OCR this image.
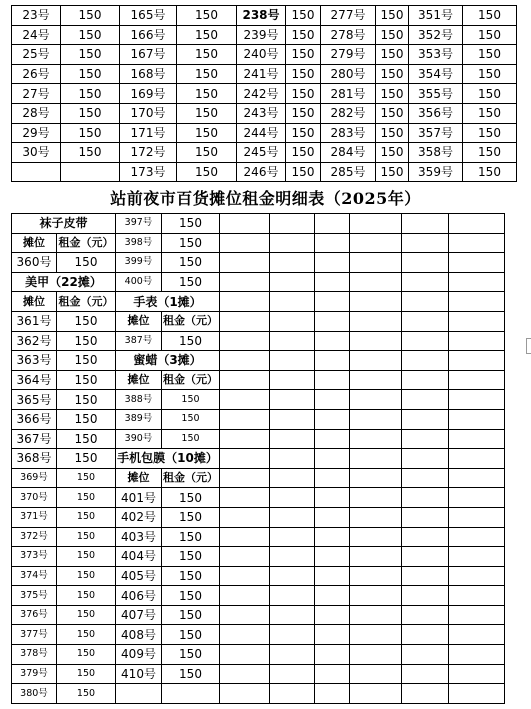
23号	150	165号	150	238号	150	277号	150	351号	150
24号	150	166号	150	239号	150	278号	150	352号	150
25号	150	167号	150	240号	150	279号	150	353号	150
26号	150	168号	150	241号	150	280号	150	354号	150
27号	150	169号	150	242号	150	281号	150	355号	150
28号	150	170号	150	243号	150	282号	150	356号	150
29号	150	171号	150	244号	150	283号	150	357号	150
30号	150	172号	150	245号	150	284号	150	358号	150
		173号	150	246号	150	285号	150	359号	150
站前夜市百货摊位租金明细表（2025年）
袜子皮带		397号	150						
摊位	租金（元）	398号	150						
360号	150	399号	150						
美甲（22摊）		400号	150						
摊位	租金（元）	手表（1摊）							
361号	150	摊位	租金（元）						
362号	150	387号	150						
363号	150	蜜蜡（3摊）							
364号	150	摊位	租金（元）						
365号	150	388号	150						
366号	150	389号	150						
367号	150	390号	150						
368号	150	手机包膜（10摊）							
369号	150	摊位	租金（元）						
370号	150	401号	150						
371号	150	402号	150						
372号	150	403号	150						
373号	150	404号	150						
374号	150	405号	150						
375号	150	406号	150						
376号	150	407号	150						
377号	150	408号	150						
378号	150	409号	150						
379号	150	410号	150						
380号	150								
